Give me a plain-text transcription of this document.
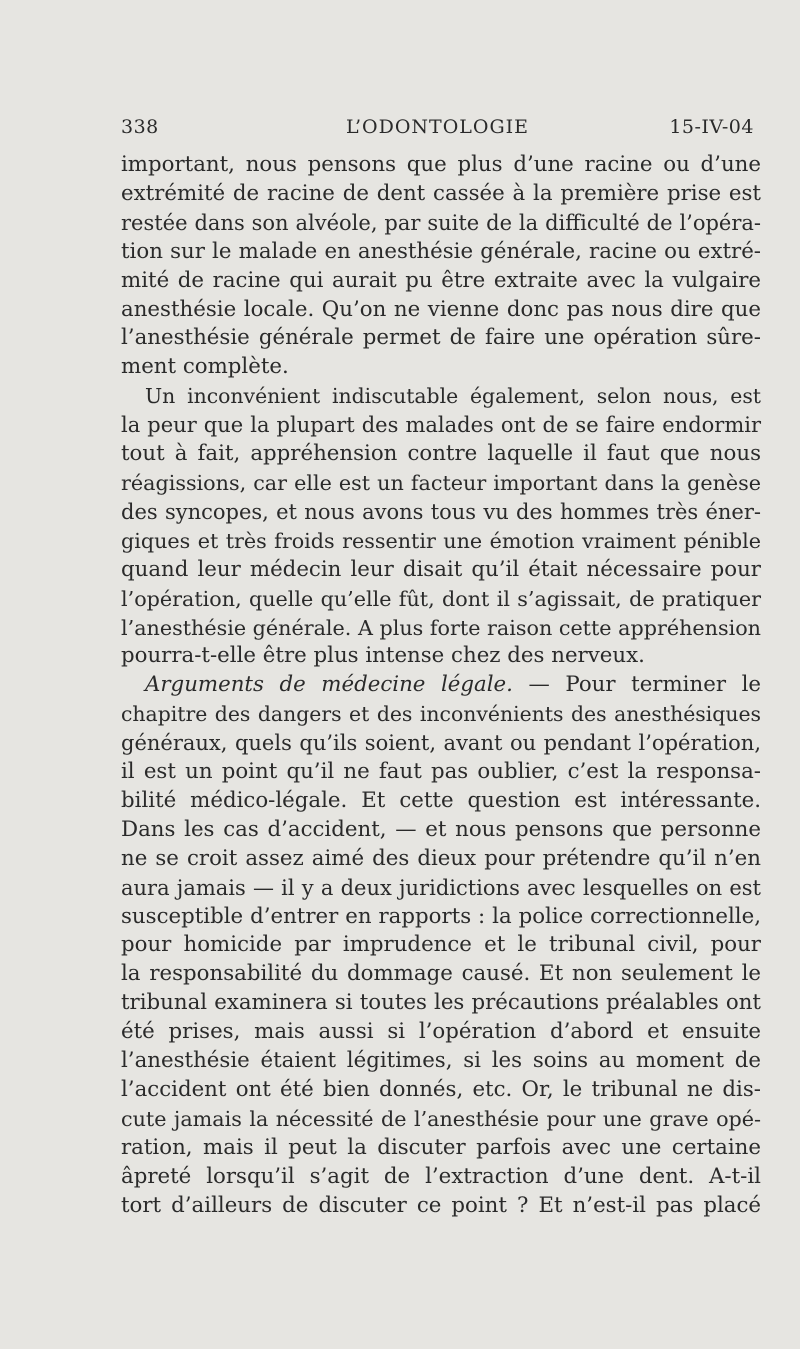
338	L’ODONTOLOGIE	15-IV-04
important, nous pensons que plus d’une racine ou d’une
extrémité de racine de dent cassée à la première prise est
restée dans son alvéole, par suite de la difficulté de l’opéra-
tion sur le malade en anesthésie générale, racine ou extré-
mité de racine qui aurait pu être extraite avec la vulgaire
anesthésie locale. Qu’on ne vienne donc pas nous dire que
l’anesthésie générale permet de faire une opération sûre-
ment complète.
Un inconvénient indiscutable également, selon nous, est
la peur que la plupart des malades ont de se faire endormir
tout à fait, appréhension contre laquelle il faut que nous
réagissions, car elle est un facteur important dans la genèse
des syncopes, et nous avons tous vu des hommes très éner-
giques et très froids ressentir une émotion vraiment pénible
quand leur médecin leur disait qu’il était nécessaire pour
l’opération, quelle qu’elle fût, dont il s’agissait, de pratiquer
l’anesthésie générale. A plus forte raison cette appréhension
pourra-t-elle être plus intense chez des nerveux.
Arguments de médecine légale. — Pour terminer le
chapitre des dangers et des inconvénients des anesthésiques
généraux, quels qu’ils soient, avant ou pendant l’opération,
il est un point qu’il ne faut pas oublier, c’est la responsa-
bilité médico-légale. Et cette question est intéressante.
Dans les cas d’accident, — et nous pensons que personne
ne se croit assez aimé des dieux pour prétendre qu’il n’en
aura jamais — il y a deux juridictions avec lesquelles on est
susceptible d’entrer en rapports : la police correctionnelle,
pour homicide par imprudence et le tribunal civil, pour
la responsabilité du dommage causé. Et non seulement le
tribunal examinera si toutes les précautions préalables ont
été prises, mais aussi si l’opération d’abord et ensuite
l’anesthésie étaient légitimes, si les soins au moment de
l’accident ont été bien donnés, etc. Or, le tribunal ne dis-
cute jamais la nécessité de l’anesthésie pour une grave opé-
ration, mais il peut la discuter parfois avec une certaine
âpreté lorsqu’il s’agit de l’extraction d’une dent. A-t-il
tort d’ailleurs de discuter ce point ? Et n’est-il pas placé
